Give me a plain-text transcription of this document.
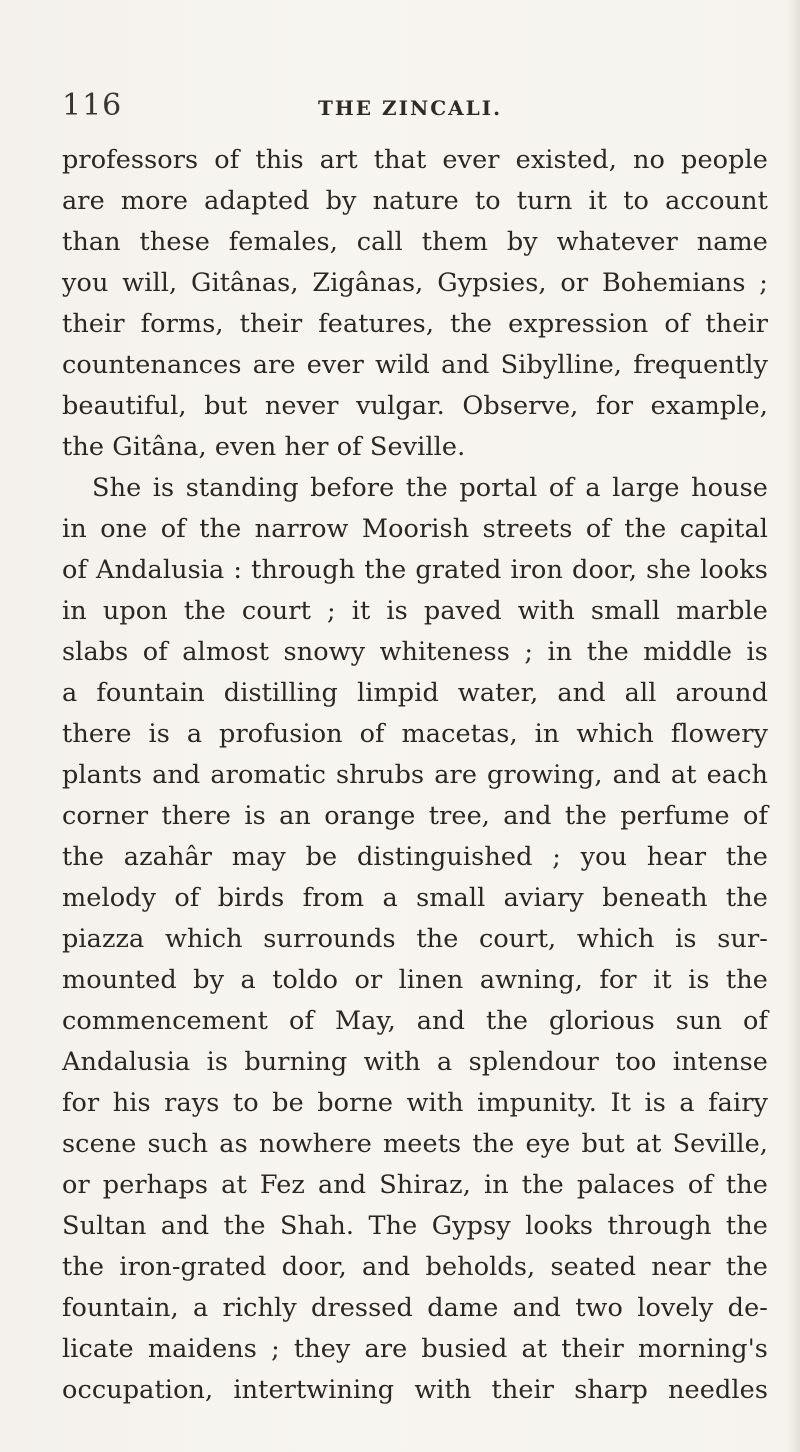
116	THE ZINCALI.
professors of this art that ever existed, no people
are more adapted by nature to turn it to account
than these females, call them by whatever name
you will, Gitânas, Zigânas, Gypsies, or Bohemians ;
their forms, their features, the expression of their
countenances are ever wild and Sibylline, frequently
beautiful, but never vulgar. Observe, for example,
the Gitâna, even her of Seville.
She is standing before the portal of a large house
in one of the narrow Moorish streets of the capital
of Andalusia : through the grated iron door, she looks
in upon the court ; it is paved with small marble
slabs of almost snowy whiteness ; in the middle is
a fountain distilling limpid water, and all around
there is a profusion of macetas, in which flowery
plants and aromatic shrubs are growing, and at each
corner there is an orange tree, and the perfume of
the azahâr may be distinguished ; you hear the
melody of birds from a small aviary beneath the
piazza which surrounds the court, which is sur-
mounted by a toldo or linen awning, for it is the
commencement of May, and the glorious sun of
Andalusia is burning with a splendour too intense
for his rays to be borne with impunity. It is a fairy
scene such as nowhere meets the eye but at Seville,
or perhaps at Fez and Shiraz, in the palaces of the
Sultan and the Shah. The Gypsy looks through the
the iron-grated door, and beholds, seated near the
fountain, a richly dressed dame and two lovely de-
licate maidens ; they are busied at their morning's
occupation, intertwining with their sharp needles
